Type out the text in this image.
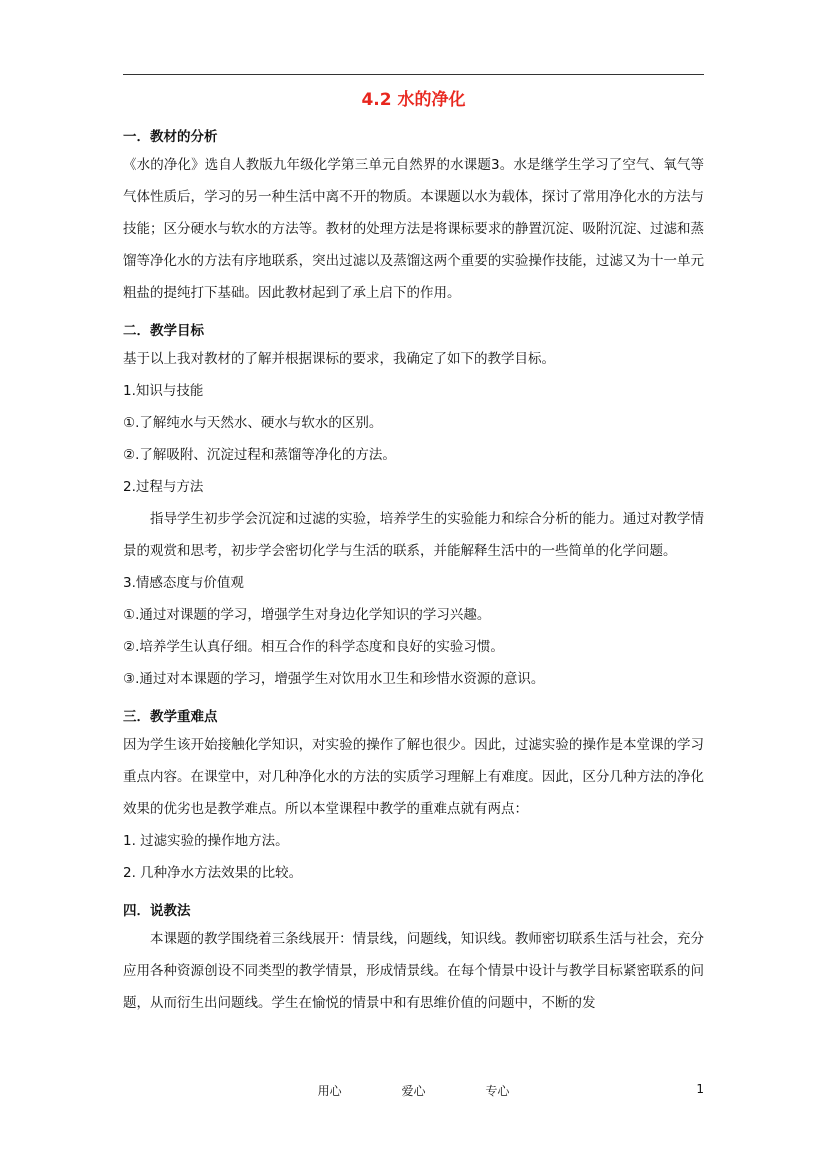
4.2 水的净化
一．教材的分析

《水的净化》选自人教版九年级化学第三单元自然界的水课题3。水是继学生学习了空气、氧气等气体性质后，学习的另一种生活中离不开的物质。本课题以水为载体，探讨了常用净化水的方法与技能；区分硬水与软水的方法等。教材的处理方法是将课标要求的静置沉淀、吸附沉淀、过滤和蒸馏等净化水的方法有序地联系，突出过滤以及蒸馏这两个重要的实验操作技能，过滤又为十一单元粗盐的提纯打下基础。因此教材起到了承上启下的作用。

二．教学目标

基于以上我对教材的了解并根据课标的要求，我确定了如下的教学目标。

1.知识与技能

①.了解纯水与天然水、硬水与软水的区别。

②.了解吸附、沉淀过程和蒸馏等净化的方法。

2.过程与方法

指导学生初步学会沉淀和过滤的实验，培养学生的实验能力和综合分析的能力。通过对教学情景的观赏和思考，初步学会密切化学与生活的联系，并能解释生活中的一些简单的化学问题。

3.情感态度与价值观

①.通过对课题的学习，增强学生对身边化学知识的学习兴趣。

②.培养学生认真仔细。相互合作的科学态度和良好的实验习惯。

③.通过对本课题的学习，增强学生对饮用水卫生和珍惜水资源的意识。

三．教学重难点

因为学生该开始接触化学知识，对实验的操作了解也很少。因此，过滤实验的操作是本堂课的学习重点内容。在课堂中，对几种净化水的方法的实质学习理解上有难度。因此，区分几种方法的净化效果的优劣也是教学难点。所以本堂课程中教学的重难点就有两点：

1. 过滤实验的操作地方法。

2. 几种净水方法效果的比较。

四．说教法

本课题的教学围绕着三条线展开：情景线，问题线，知识线。教师密切联系生活与社会，充分应用各种资源创设不同类型的教学情景，形成情景线。在每个情景中设计与教学目标紧密联系的问题，从而衍生出问题线。学生在愉悦的情景中和有思维价值的问题中，不断的发

用心	爱心	专心	1
